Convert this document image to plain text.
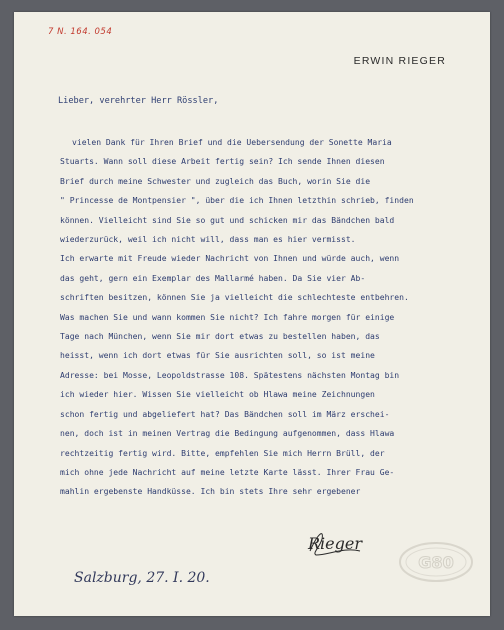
7 N. 164. 054
ERWIN RIEGER
Lieber, verehrter Herr Rössler,
vielen Dank für Ihren Brief und die Uebersendung der Sonette Maria
Stuarts. Wann soll diese Arbeit fertig sein? Ich sende Ihnen diesen
Brief durch meine Schwester und zugleich das Buch, worin Sie die
" Princesse de Montpensier ", über die ich Ihnen letzthin schrieb, finden
können. Vielleicht sind Sie so gut und schicken mir das Bändchen bald
wiederzurück, weil ich nicht will, dass man es hier vermisst.
Ich erwarte mit Freude wieder Nachricht von Ihnen und würde auch, wenn
das geht, gern ein Exemplar des Mallarmé haben. Da Sie vier Ab-
schriften besitzen, können Sie ja vielleicht die schlechteste entbehren.
Was machen Sie und wann kommen Sie nicht? Ich fahre morgen für einige
Tage nach München, wenn Sie mir dort etwas zu bestellen haben, das
heisst, wenn ich dort etwas für Sie ausrichten soll, so ist meine
Adresse: bei Mosse, Leopoldstrasse 108. Spätestens nächsten Montag bin
ich wieder hier. Wissen Sie vielleicht ob Hlawa meine Zeichnungen
schon fertig und abgeliefert hat? Das Bändchen soll im März erschei-
nen, doch ist in meinen Vertrag die Bedingung aufgenommen, dass Hlawa
rechtzeitig fertig wird. Bitte, empfehlen Sie mich Herrn Brüll, der
mich ohne jede Nachricht auf meine letzte Karte lässt. Ihrer Frau Ge-
mahlin ergebenste Handküsse. Ich bin stets Ihre sehr ergebener
Rieger
Salzburg, 27. I. 20.
G80
